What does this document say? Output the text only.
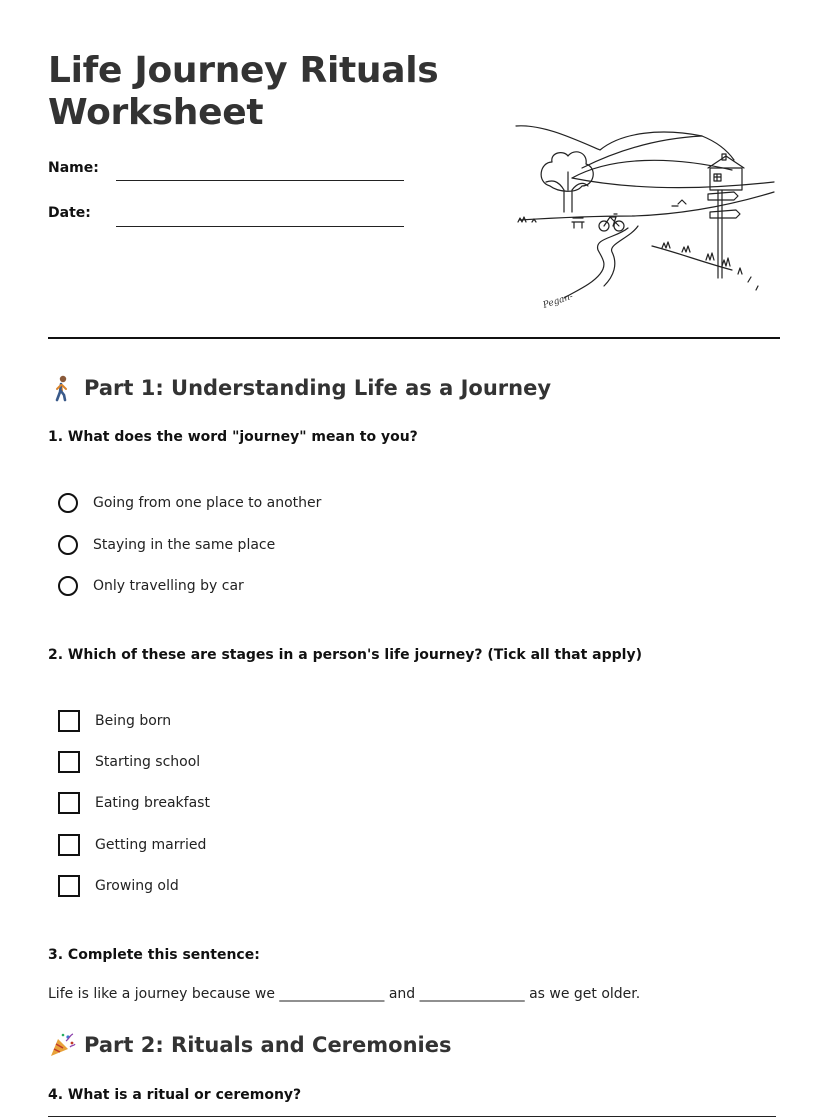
Life Journey Rituals Worksheet
Name:
Date:
Pegan-
Part 1: Understanding Life as a Journey

1. What does the word "journey" mean to you?

Going from one place to another
Staying in the same place
Only travelling by car

2. Which of these are stages in a person's life journey? (Tick all that apply)

Being born
Starting school
Eating breakfast
Getting married
Growing old

3. Complete this sentence:

Life is like a journey because we _______________ and _______________ as we get older.

Part 2: Rituals and Ceremonies

4. What is a ritual or ceremony?
